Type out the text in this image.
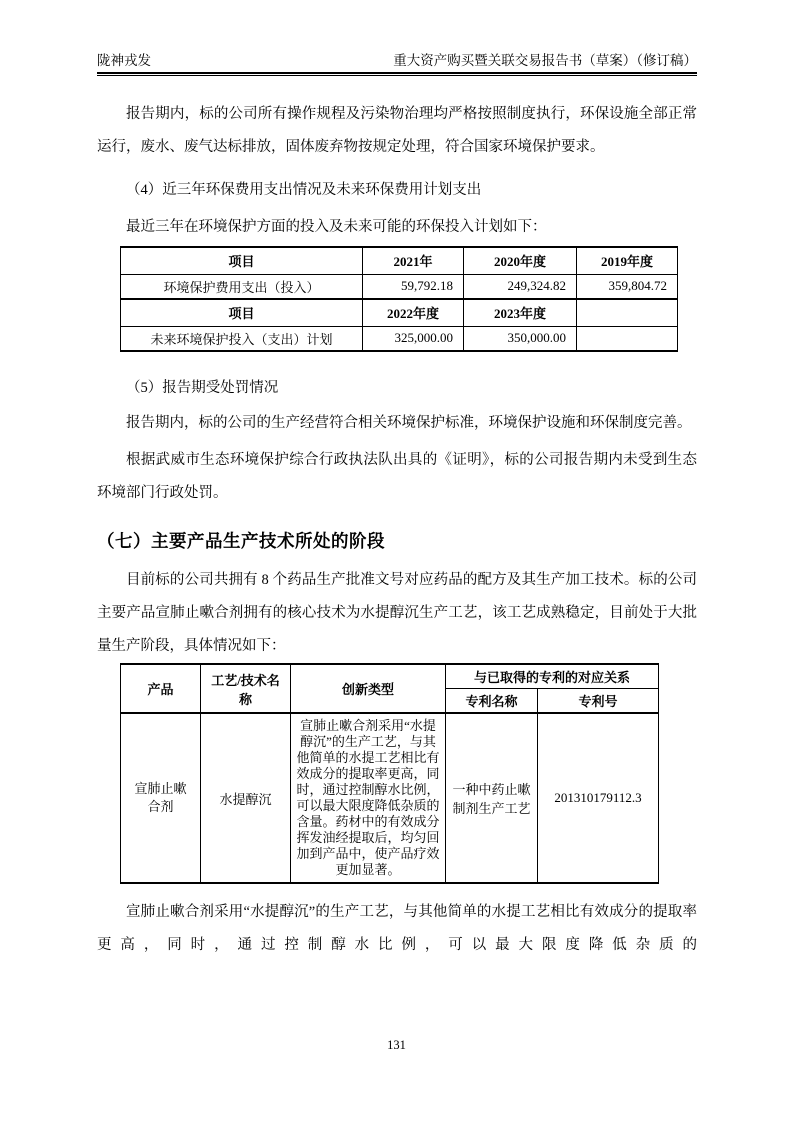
陇神戎发	重大资产购买暨关联交易报告书（草案）（修订稿）

报告期内，标的公司所有操作规程及污染物治理均严格按照制度执行，环保设施全部正常运行，废水、废气达标排放，固体废弃物按规定处理，符合国家环境保护要求。

（4）近三年环保费用支出情况及未来环保费用计划支出

最近三年在环境保护方面的投入及未来可能的环保投入计划如下：

项目	2021年	2020年度	2019年度
环境保护费用支出（投入）	59,792.18	249,324.82	359,804.72
项目	2022年度	2023年度	
未来环境保护投入（支出）计划	325,000.00	350,000.00	

（5）报告期受处罚情况

报告期内，标的公司的生产经营符合相关环境保护标准，环境保护设施和环保制度完善。

根据武威市生态环境保护综合行政执法队出具的《证明》，标的公司报告期内未受到生态环境部门行政处罚。

（七）主要产品生产技术所处的阶段

目前标的公司共拥有 8 个药品生产批准文号对应药品的配方及其生产加工技术。标的公司主要产品宣肺止嗽合剂拥有的核心技术为水提醇沉生产工艺，该工艺成熟稳定，目前处于大批量生产阶段，具体情况如下：

产品	工艺/技术名称	创新类型	与已取得的专利的对应关系	
			专利名称	专利号
宣肺止嗽合剂	水提醇沉	宣肺止嗽合剂采用“水提醇沉”的生产工艺，与其他简单的水提工艺相比有效成分的提取率更高，同时，通过控制醇水比例，可以最大限度降低杂质的含量。药材中的有效成分挥发油经提取后，均匀回加到产品中，使产品疗效更加显著。	一种中药止嗽制剂生产工艺	201310179112.3

宣肺止嗽合剂采用“水提醇沉”的生产工艺，与其他简单的水提工艺相比有效成分的提取率更高，同时，通过控制醇水比例，可以最大限度降低杂质的

131
